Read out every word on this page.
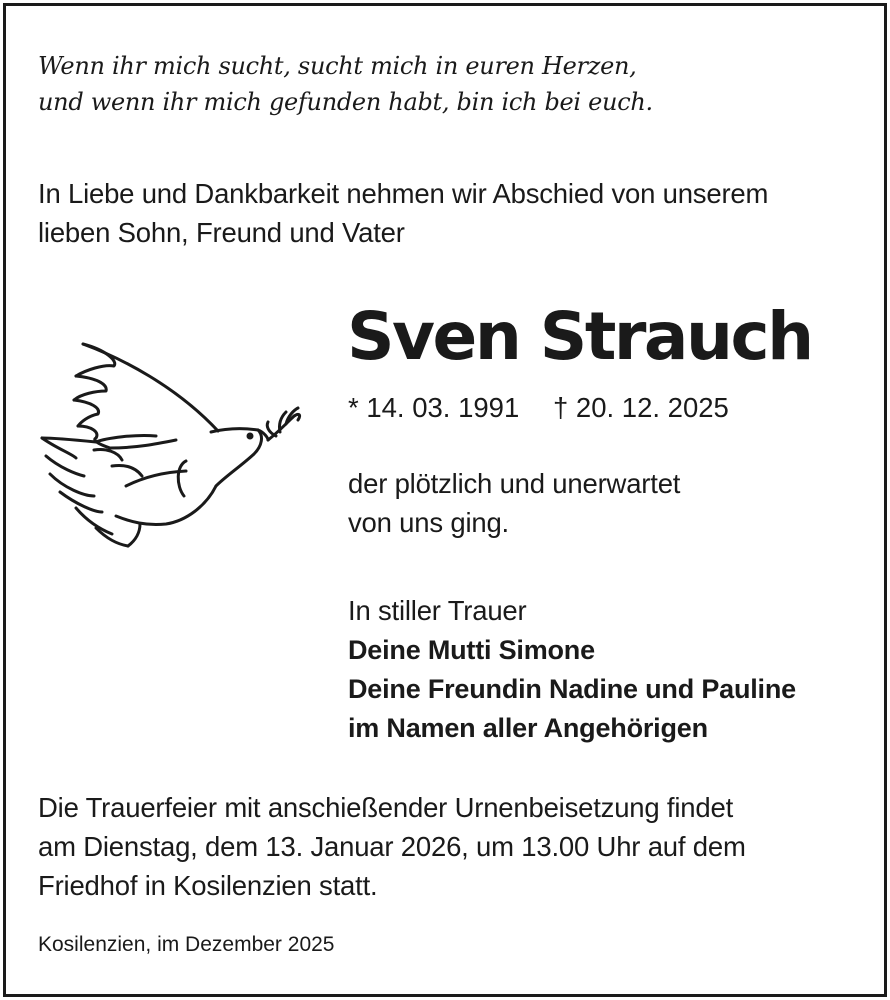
Wenn ihr mich sucht, sucht mich in euren Herzen,

und wenn ihr mich gefunden habt, bin ich bei euch.

In Liebe und Dankbarkeit nehmen wir Abschied von unserem

lieben Sohn, Freund und Vater

Sven Strauch

* 14. 03. 1991 † 20. 12. 2025

der plötzlich und unerwartet

von uns ging.

In stiller Trauer

Deine Mutti Simone

Deine Freundin Nadine und Pauline

im Namen aller Angehörigen

Die Trauerfeier mit anschießender Urnenbeisetzung findet

am Dienstag, dem 13. Januar 2026, um 13.00 Uhr auf dem

Friedhof in Kosilenzien statt.

Kosilenzien, im Dezember 2025
